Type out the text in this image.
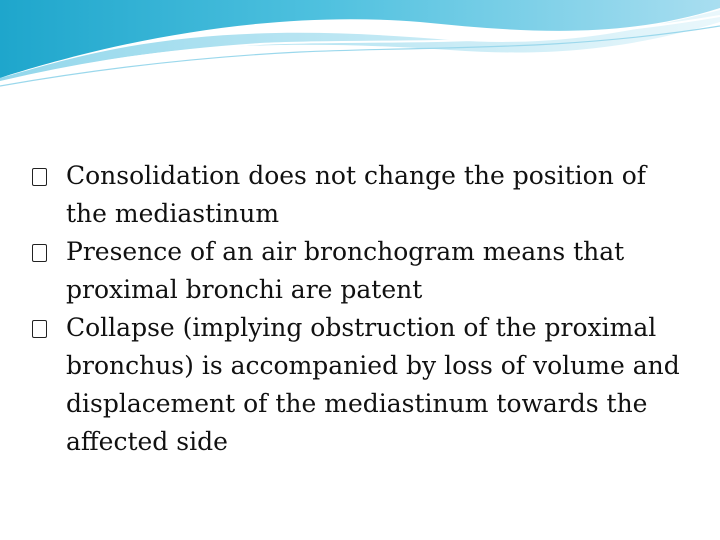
Consolidation does not change the position of the mediastinum
Presence of an air bronchogram means that proximal bronchi are patent
Collapse (implying obstruction of the proximal bronchus) is accompanied by loss of volume and displacement of the mediastinum towards the affected side
